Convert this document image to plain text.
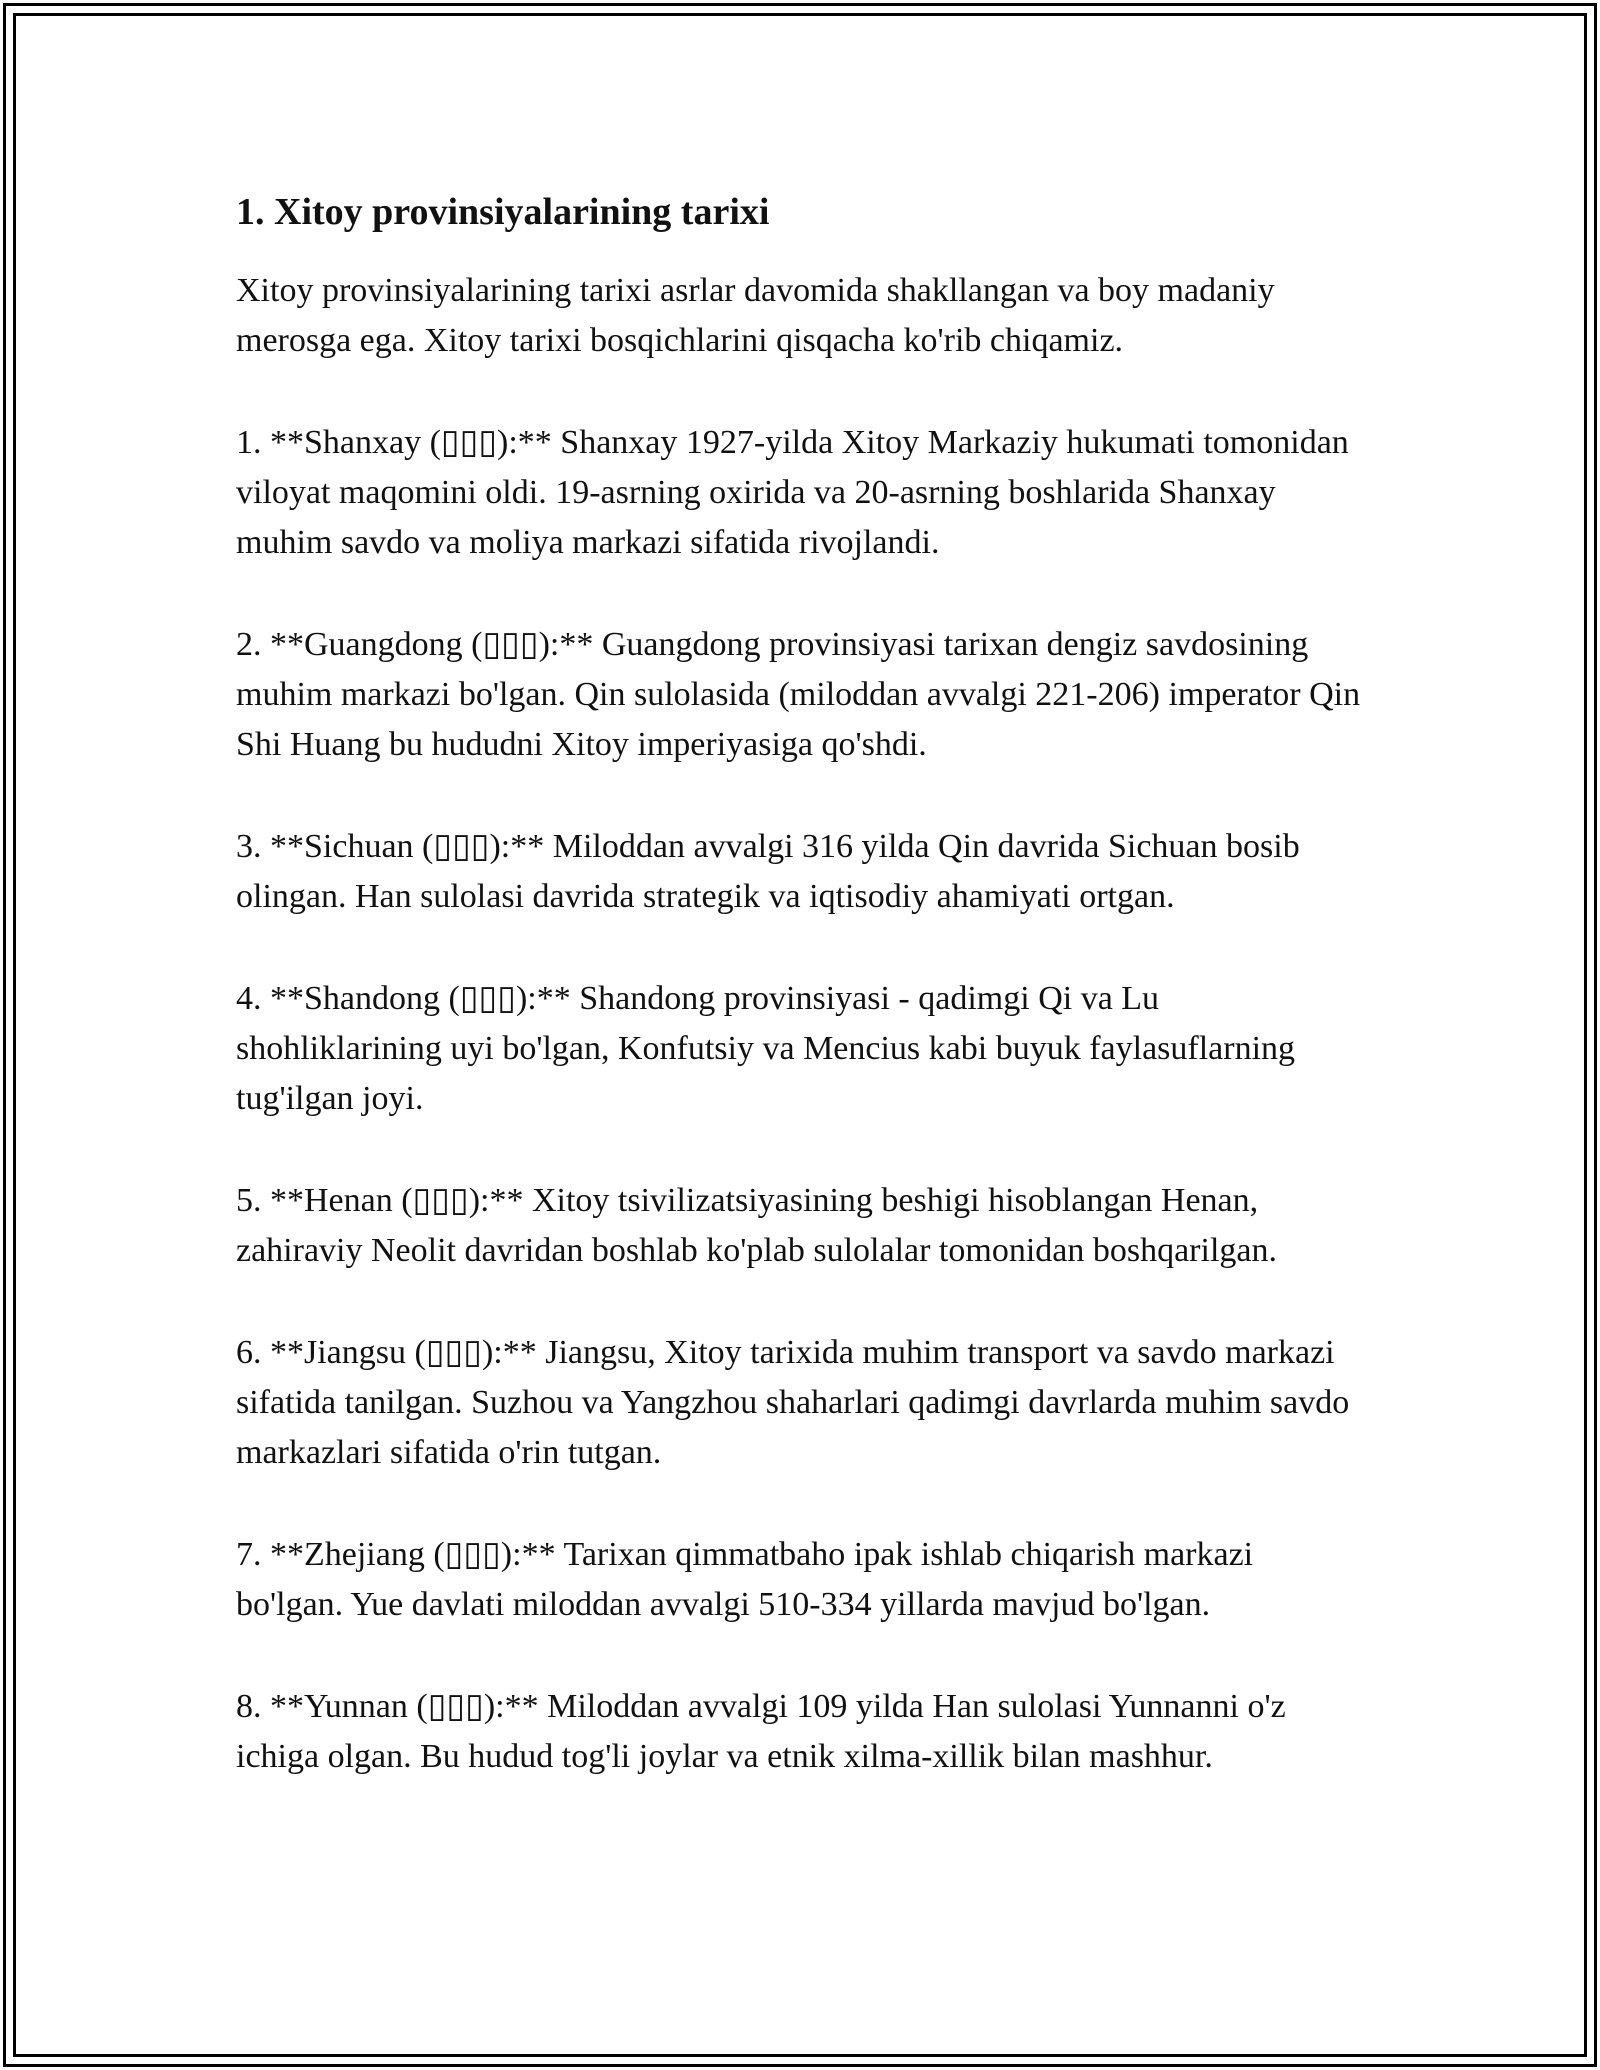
1. Xitoy provinsiyalarining tarixi

Xitoy provinsiyalarining tarixi asrlar davomida shakllangan va boy madaniy merosga ega. Xitoy tarixi bosqichlarini qisqacha ko'rib chiqamiz.

1. **Shanxay (▯▯▯):** Shanxay 1927-yilda Xitoy Markaziy hukumati tomonidan viloyat maqomini oldi. 19-asrning oxirida va 20-asrning boshlarida Shanxay muhim savdo va moliya markazi sifatida rivojlandi.

2. **Guangdong (▯▯▯):** Guangdong provinsiyasi tarixan dengiz savdosining muhim markazi bo'lgan. Qin sulolasida (miloddan avvalgi 221-206) imperator Qin Shi Huang bu hududni Xitoy imperiyasiga qo'shdi.

3. **Sichuan (▯▯▯):** Miloddan avvalgi 316 yilda Qin davrida Sichuan bosib olingan. Han sulolasi davrida strategik va iqtisodiy ahamiyati ortgan.

4. **Shandong (▯▯▯):** Shandong provinsiyasi - qadimgi Qi va Lu shohliklarining uyi bo'lgan, Konfutsiy va Mencius kabi buyuk faylasuflarning tug'ilgan joyi.

5. **Henan (▯▯▯):** Xitoy tsivilizatsiyasining beshigi hisoblangan Henan, zahiraviy Neolit davridan boshlab ko'plab sulolalar tomonidan boshqarilgan.

6. **Jiangsu (▯▯▯):** Jiangsu, Xitoy tarixida muhim transport va savdo markazi sifatida tanilgan. Suzhou va Yangzhou shaharlari qadimgi davrlarda muhim savdo markazlari sifatida o'rin tutgan.

7. **Zhejiang (▯▯▯):** Tarixan qimmatbaho ipak ishlab chiqarish markazi bo'lgan. Yue davlati miloddan avvalgi 510-334 yillarda mavjud bo'lgan.

8. **Yunnan (▯▯▯):** Miloddan avvalgi 109 yilda Han sulolasi Yunnanni o'z ichiga olgan. Bu hudud tog'li joylar va etnik xilma-xillik bilan mashhur.
